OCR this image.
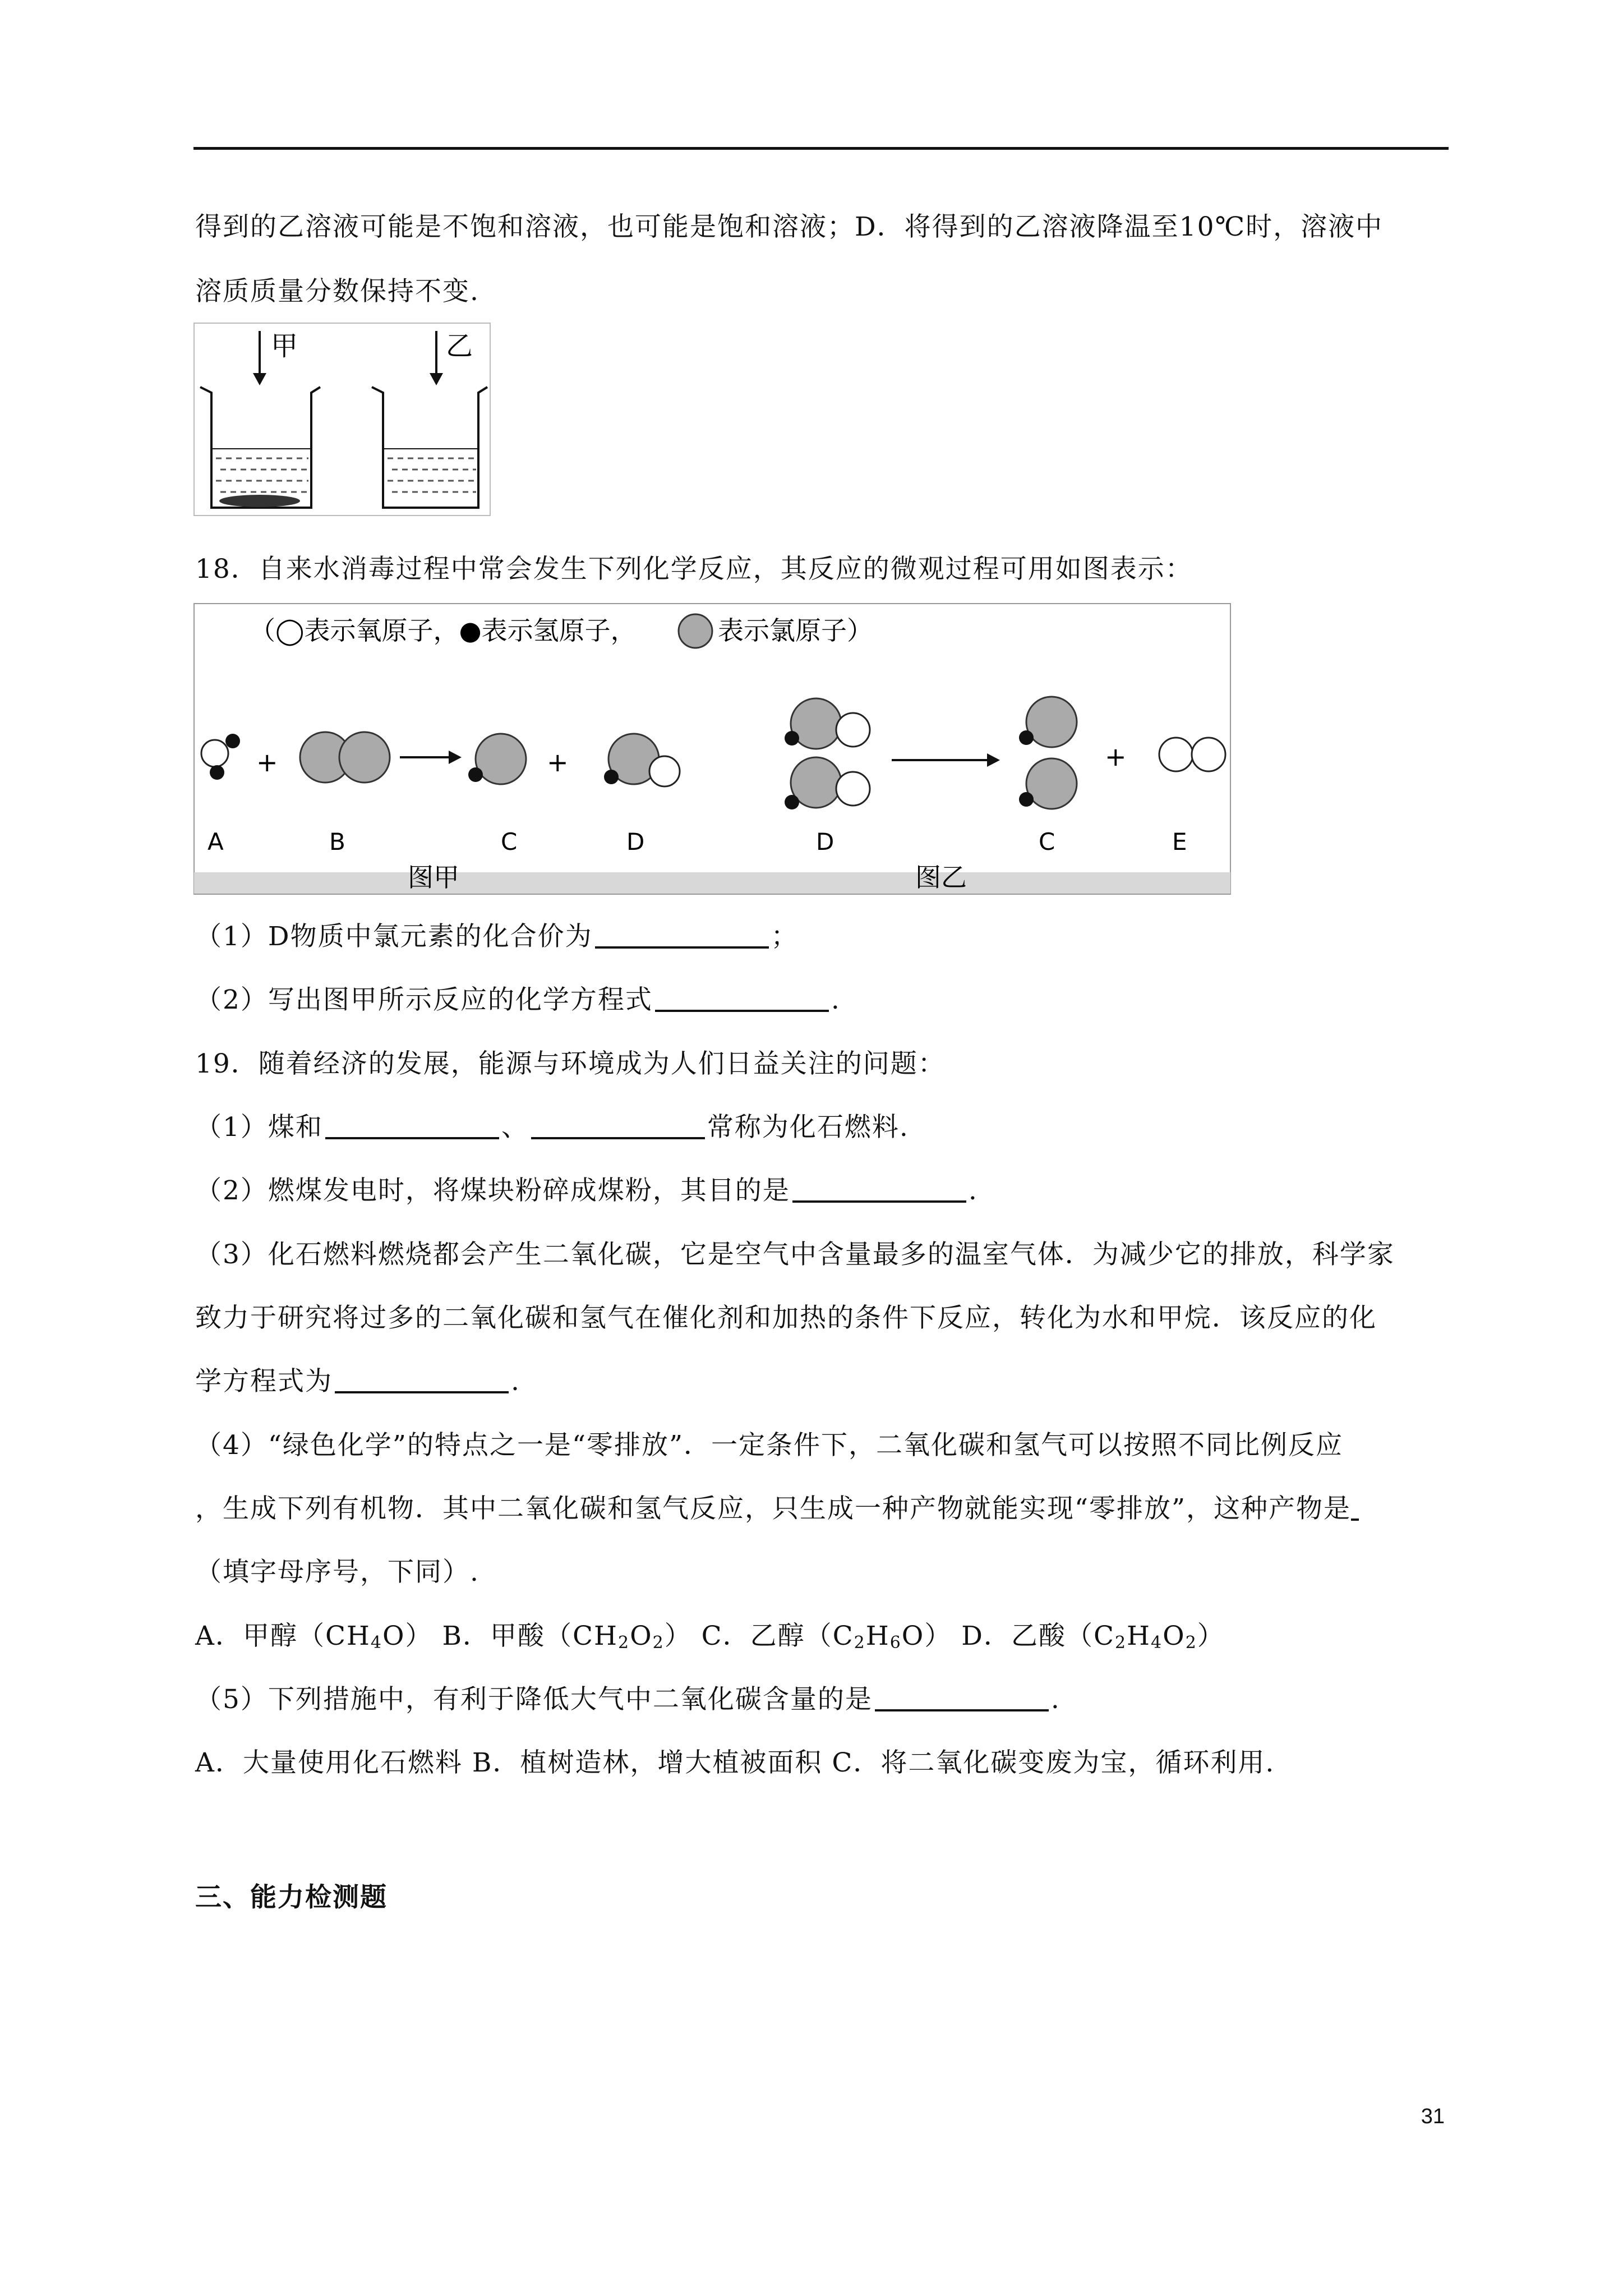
得到的乙溶液可能是不饱和溶液，也可能是饱和溶液；D．将得到的乙溶液降温至10℃时，溶液中
溶质质量分数保持不变.
甲	乙
18．自来水消毒过程中常会发生下列化学反应，其反应的微观过程可用如图表示：
（◯表示氧原子，●表示氢原子，	表示氯原子）
+	+
A	B	C	D
图甲
+
D	C	E
图乙
（1）D物质中氯元素的化合价为	；
（2）写出图甲所示反应的化学方程式	.
19．随着经济的发展，能源与环境成为人们日益关注的问题：
（1）煤和	、	常称为化石燃料.
（2）燃煤发电时，将煤块粉碎成煤粉，其目的是	.
（3）化石燃料燃烧都会产生二氧化碳，它是空气中含量最多的温室气体．为减少它的排放，科学家
致力于研究将过多的二氧化碳和氢气在催化剂和加热的条件下反应，转化为水和甲烷．该反应的化
学方程式为	.
（4）“绿色化学”的特点之一是“零排放”．一定条件下，二氧化碳和氢气可以按照不同比例反应
，生成下列有机物．其中二氧化碳和氢气反应，只生成一种产物就能实现“零排放”，这种产物是
（填字母序号，下同）.
A．甲醇$(CH_4O)$ B．甲酸$(CH_2O_2)$ C．乙醇$(C_2H_6O)$ D．乙酸$(C_2H_4O_2)$
（5）下列措施中，有利于降低大气中二氧化碳含量的是	.
A．大量使用化石燃料 B．植树造林，增大植被面积 C．将二氧化碳变废为宝，循环利用.
三、能力检测题
31
